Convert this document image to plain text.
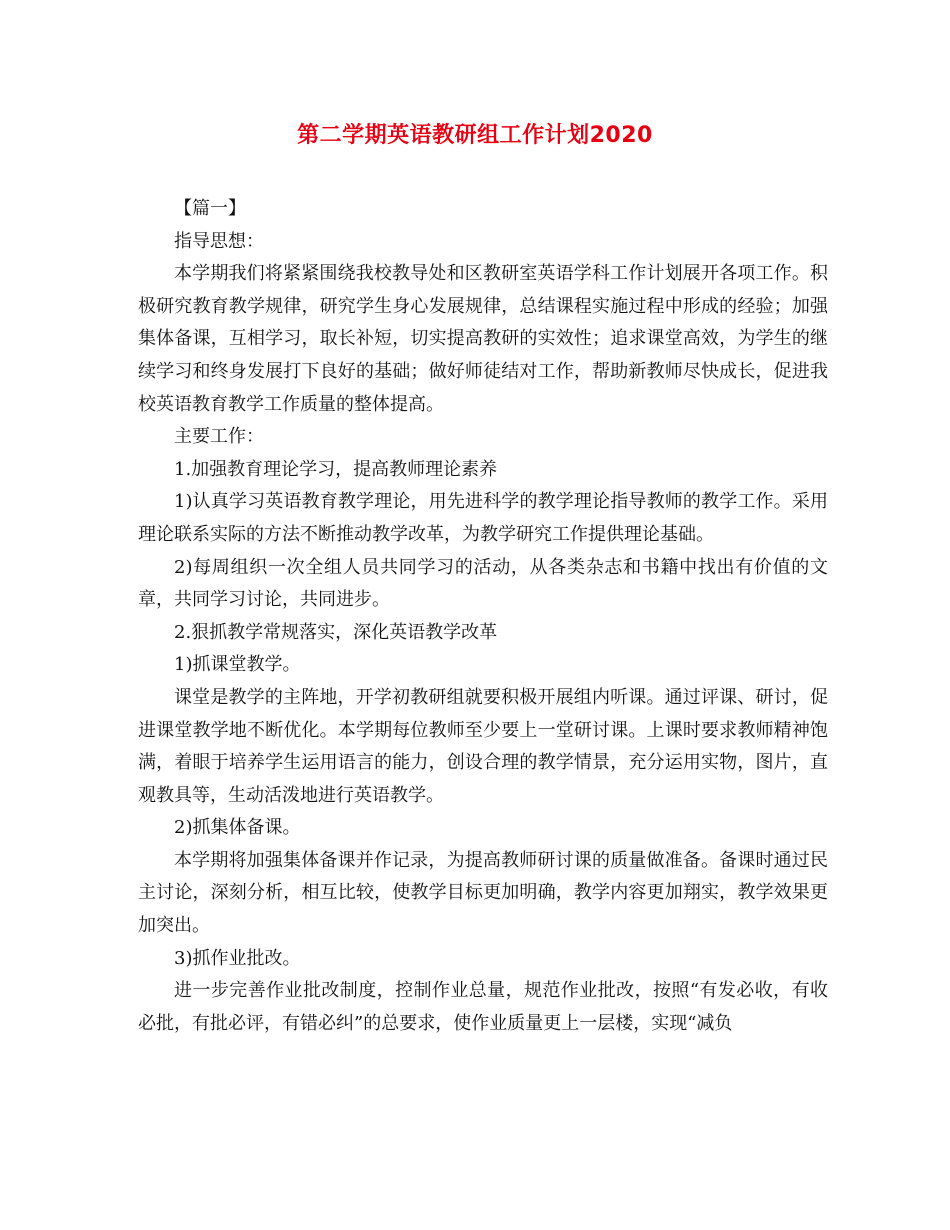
第二学期英语教研组工作计划2020

【篇一】

指导思想：

本学期我们将紧紧围绕我校教导处和区教研室英语学科工作计划展开各项工作。积极研究教育教学规律，研究学生身心发展规律，总结课程实施过程中形成的经验；加强集体备课，互相学习，取长补短，切实提高教研的实效性；追求课堂高效，为学生的继续学习和终身发展打下良好的基础；做好师徒结对工作，帮助新教师尽快成长，促进我校英语教育教学工作质量的整体提高。

主要工作：

1.加强教育理论学习，提高教师理论素养

1)认真学习英语教育教学理论，用先进科学的教学理论指导教师的教学工作。采用理论联系实际的方法不断推动教学改革，为教学研究工作提供理论基础。

2)每周组织一次全组人员共同学习的活动，从各类杂志和书籍中找出有价值的文章，共同学习讨论，共同进步。

2.狠抓教学常规落实，深化英语教学改革

1)抓课堂教学。

课堂是教学的主阵地，开学初教研组就要积极开展组内听课。通过评课、研讨，促进课堂教学地不断优化。本学期每位教师至少要上一堂研讨课。上课时要求教师精神饱满，着眼于培养学生运用语言的能力，创设合理的教学情景，充分运用实物，图片，直观教具等，生动活泼地进行英语教学。

2)抓集体备课。

本学期将加强集体备课并作记录，为提高教师研讨课的质量做准备。备课时通过民主讨论，深刻分析，相互比较，使教学目标更加明确，教学内容更加翔实，教学效果更加突出。

3)抓作业批改。

进一步完善作业批改制度，控制作业总量，规范作业批改，按照“有发必收，有收必批，有批必评，有错必纠”的总要求，使作业质量更上一层楼，实现“减负
